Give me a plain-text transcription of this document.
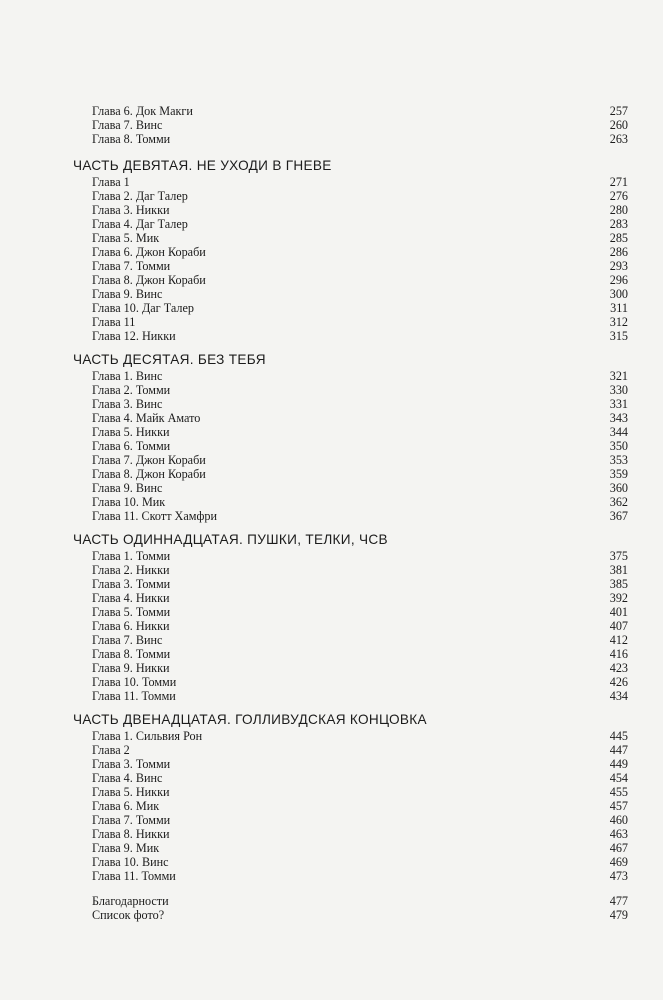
Глава 6. Док Макги	257
Глава 7. Винс	260
Глава 8. Томми	263
ЧАСТЬ ДЕВЯТАЯ. НЕ УХОДИ В ГНЕВЕ
Глава 1	271
Глава 2. Даг Талер	276
Глава 3. Никки	280
Глава 4. Даг Талер	283
Глава 5. Мик	285
Глава 6. Джон Кораби	286
Глава 7. Томми	293
Глава 8. Джон Кораби	296
Глава 9. Винс	300
Глава 10. Даг Талер	311
Глава 11	312
Глава 12. Никки	315
ЧАСТЬ ДЕСЯТАЯ. БЕЗ ТЕБЯ
Глава 1. Винс	321
Глава 2. Томми	330
Глава 3. Винс	331
Глава 4. Майк Амато	343
Глава 5. Никки	344
Глава 6. Томми	350
Глава 7. Джон Кораби	353
Глава 8. Джон Кораби	359
Глава 9. Винс	360
Глава 10. Мик	362
Глава 11. Скотт Хамфри	367
ЧАСТЬ ОДИННАДЦАТАЯ. ПУШКИ, ТЕЛКИ, ЧСВ
Глава 1. Томми	375
Глава 2. Никки	381
Глава 3. Томми	385
Глава 4. Никки	392
Глава 5. Томми	401
Глава 6. Никки	407
Глава 7. Винс	412
Глава 8. Томми	416
Глава 9. Никки	423
Глава 10. Томми	426
Глава 11. Томми	434
ЧАСТЬ ДВЕНАДЦАТАЯ. ГОЛЛИВУДСКАЯ КОНЦОВКА
Глава 1. Сильвия Рон	445
Глава 2	447
Глава 3. Томми	449
Глава 4. Винс	454
Глава 5. Никки	455
Глава 6. Мик	457
Глава 7. Томми	460
Глава 8. Никки	463
Глава 9. Мик	467
Глава 10. Винс	469
Глава 11. Томми	473
Благодарности	477
Список фото?	479
